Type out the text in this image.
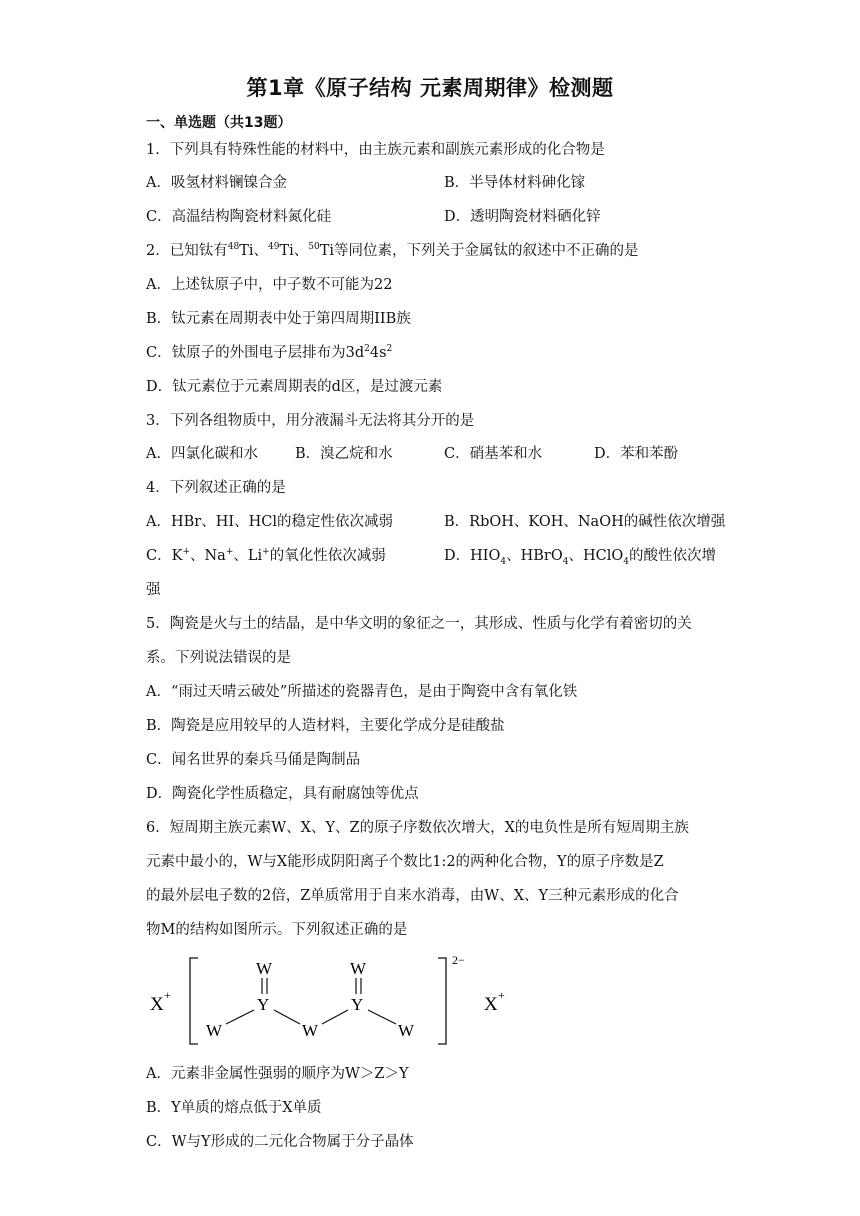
第1章《原子结构 元素周期律》检测题
一、单选题（共13题）
1．下列具有特殊性能的材料中，由主族元素和副族元素形成的化合物是
A．吸氢材料镧镍合金	B．半导体材料砷化镓
C．高温结构陶瓷材料氮化硅	D．透明陶瓷材料硒化锌
2．已知钛有$^{48}$Ti、$^{49}$Ti、$^{50}$Ti等同位素，下列关于金属钛的叙述中不正确的是
A．上述钛原子中，中子数不可能为22
B．钛元素在周期表中处于第四周期IIB族
C．钛原子的外围电子层排布为$3d^24s^2$
D．钛元素位于元素周期表的d区，是过渡元素
3．下列各组物质中，用分液漏斗无法将其分开的是
A．四氯化碳和水	B．溴乙烷和水	C．硝基苯和水	D．苯和苯酚
4．下列叙述正确的是
A．HBr、HI、HCl的稳定性依次减弱	B．RbOH、KOH、NaOH的碱性依次增强
C．K+、Na+、Li+的氧化性依次减弱	D．$HIO_4$、HBrO$_4$、HClO$_4$的酸性依次增
强
5．陶瓷是火与土的结晶，是中华文明的象征之一，其形成、性质与化学有着密切的关
系。下列说法错误的是
A．“雨过天晴云破处”所描述的瓷器青色，是由于陶瓷中含有氧化铁
B．陶瓷是应用较早的人造材料，主要化学成分是硅酸盐
C．闻名世界的秦兵马俑是陶制品
D．陶瓷化学性质稳定，具有耐腐蚀等优点
6．短周期主族元素W、X、Y、Z的原子序数依次增大，X的电负性是所有短周期主族
元素中最小的，W与X能形成阴阳离子个数比1:2的两种化合物，Y的原子序数是Z
的最外层电子数的2倍，Z单质常用于自来水消毒，由W、X、Y三种元素形成的化合
物M的结构如图所示。下列叙述正确的是
X +
2−
X +
W	W
Y	Y
W	W	W
A．元素非金属性强弱的顺序为W＞Z＞Y
B．Y单质的熔点低于X单质
C．W与Y形成的二元化合物属于分子晶体
